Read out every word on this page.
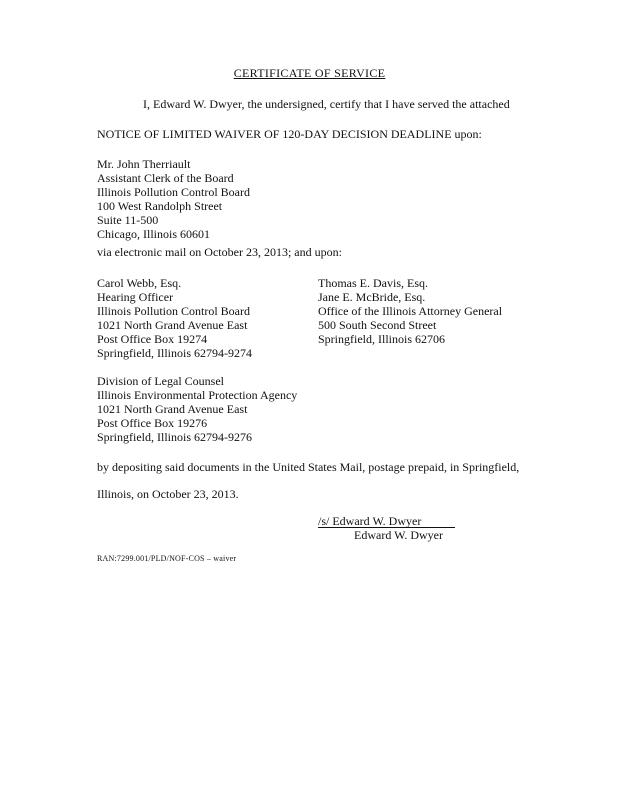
CERTIFICATE OF SERVICE
I, Edward W. Dwyer, the undersigned, certify that I have served the attached
NOTICE OF LIMITED WAIVER OF 120-DAY DECISION DEADLINE upon:
Mr. John Therriault
Assistant Clerk of the Board
Illinois Pollution Control Board
100 West Randolph Street
Suite 11-500
Chicago, Illinois 60601
via electronic mail on October 23, 2013; and upon:
Carol Webb, Esq.
Hearing Officer
Illinois Pollution Control Board
1021 North Grand Avenue East
Post Office Box 19274
Springfield, Illinois 62794-9274
Thomas E. Davis, Esq.
Jane E. McBride, Esq.
Office of the Illinois Attorney General
500 South Second Street
Springfield, Illinois 62706
Division of Legal Counsel
Illinois Environmental Protection Agency
1021 North Grand Avenue East
Post Office Box 19276
Springfield, Illinois 62794-9276
by depositing said documents in the United States Mail, postage prepaid, in Springfield,
Illinois, on October 23, 2013.
/s/ Edward W. Dwyer
Edward W. Dwyer
RAN:7299.001/PLD/NOF-COS – waiver
